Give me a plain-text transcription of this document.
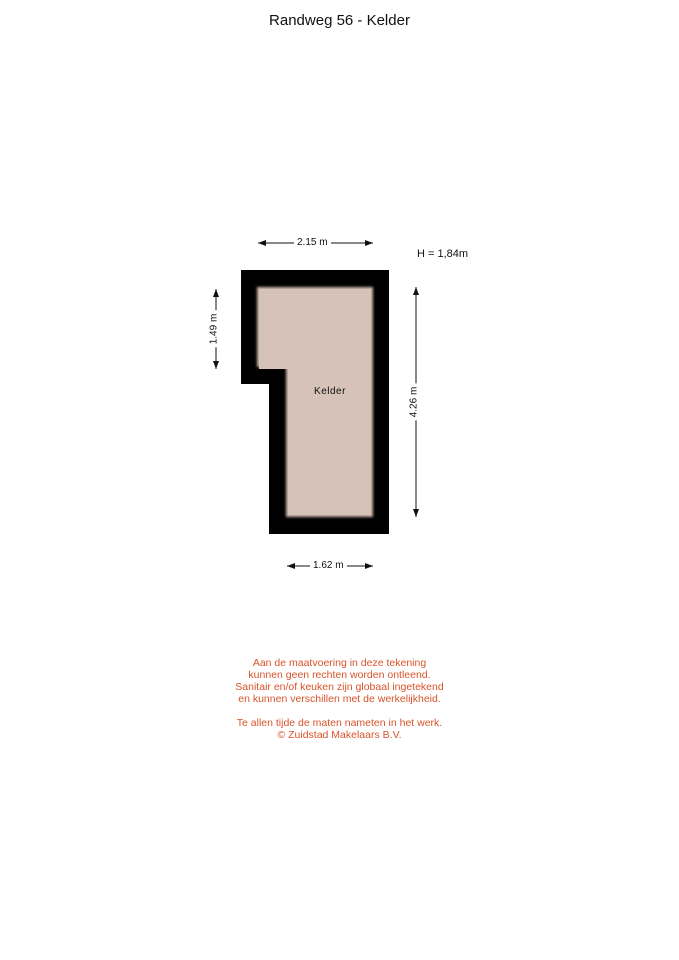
Randweg 56 - Kelder
2.15 m
1.62 m
1.49 m
4.26 m
H = 1,84m
Kelder
Aan de maatvoering in deze tekening
kunnen geen rechten worden ontleend.
Sanitair en/of keuken zijn globaal ingetekend
en kunnen verschillen met de werkelijkheid.
Te allen tijde de maten nameten in het werk.
© Zuidstad Makelaars B.V.
